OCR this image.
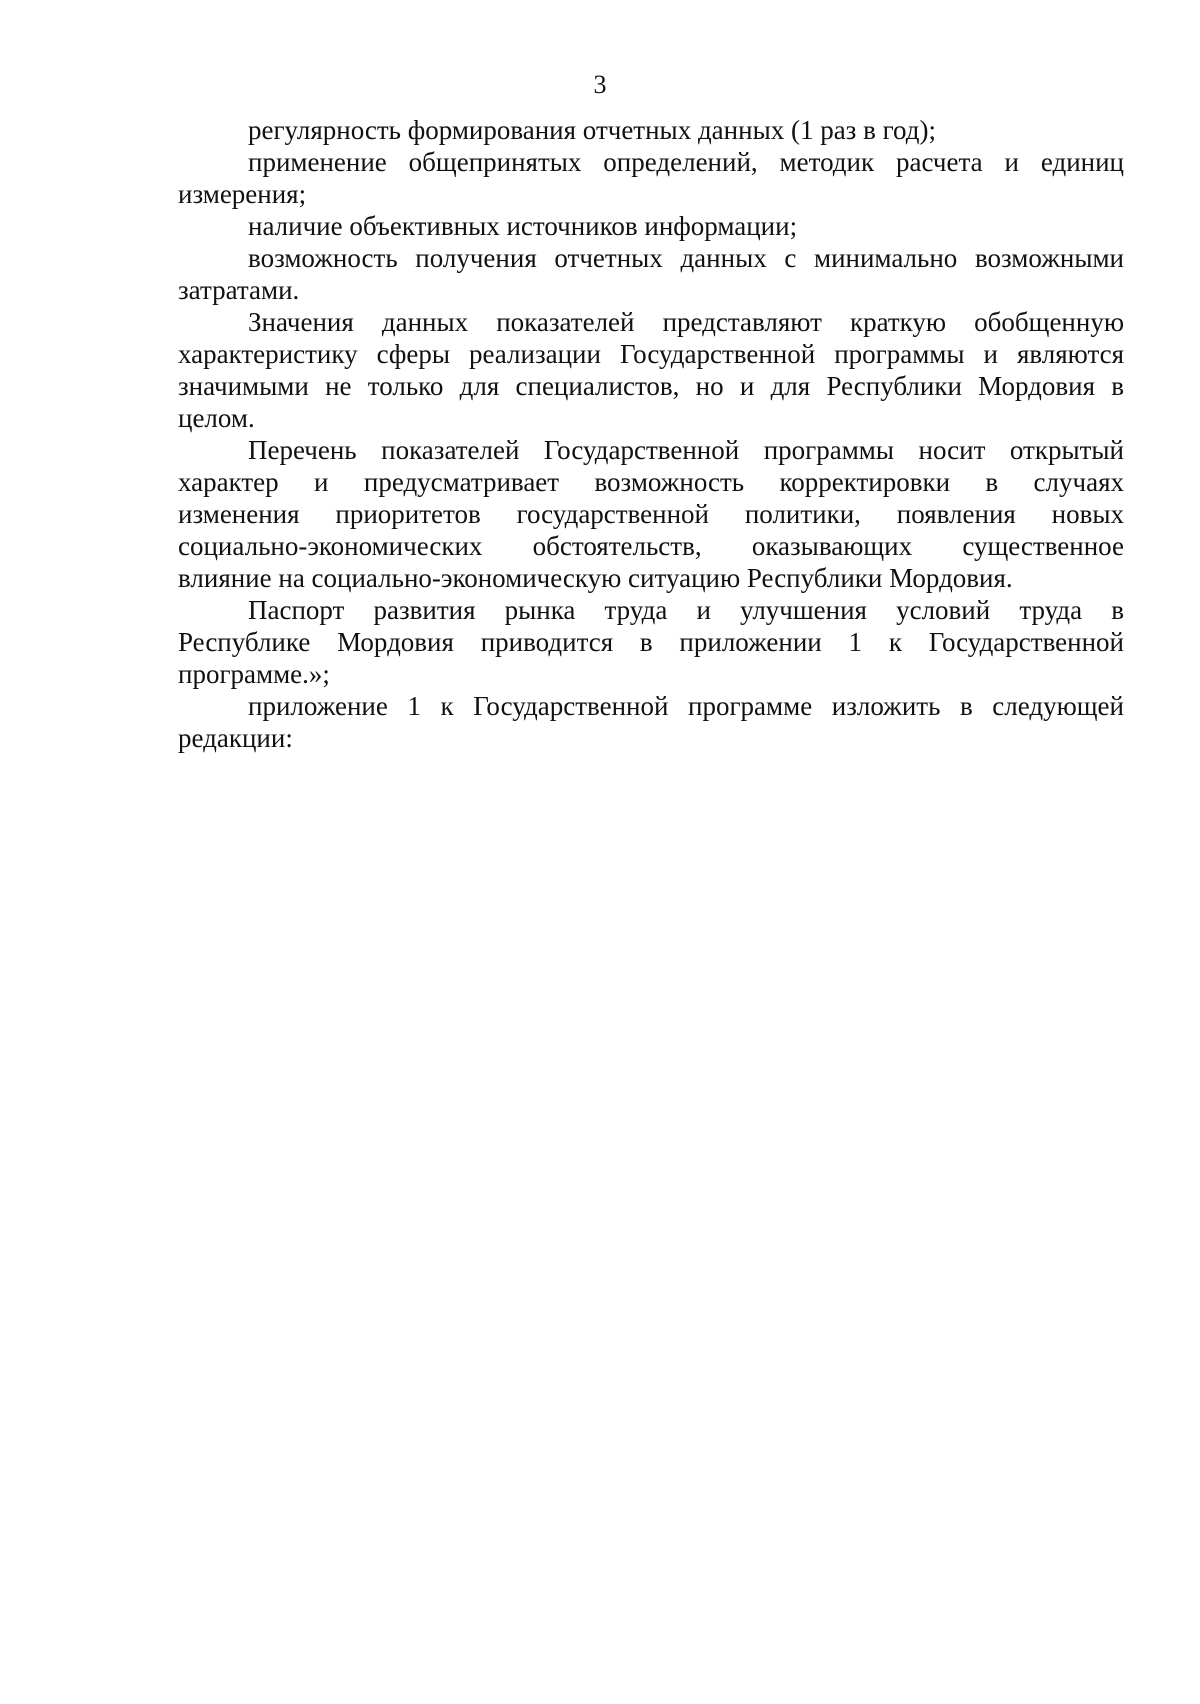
3
регулярность формирования отчетных данных (1 раз в год);
применение общепринятых определений, методик расчета и единиц
измерения;
наличие объективных источников информации;
возможность получения отчетных данных с минимально возможными
затратами.
Значения данных показателей представляют краткую обобщенную
характеристику сферы реализации Государственной программы и являются
значимыми не только для специалистов, но и для Республики Мордовия в
целом.
Перечень показателей Государственной программы носит открытый
характер и предусматривает возможность корректировки в случаях
изменения приоритетов государственной политики, появления новых
социально-экономических обстоятельств, оказывающих существенное
влияние на социально-экономическую ситуацию Республики Мордовия.
Паспорт развития рынка труда и улучшения условий труда в
Республике Мордовия приводится в приложении 1 к Государственной
программе.»;
приложение 1 к Государственной программе изложить в следующей
редакции:
